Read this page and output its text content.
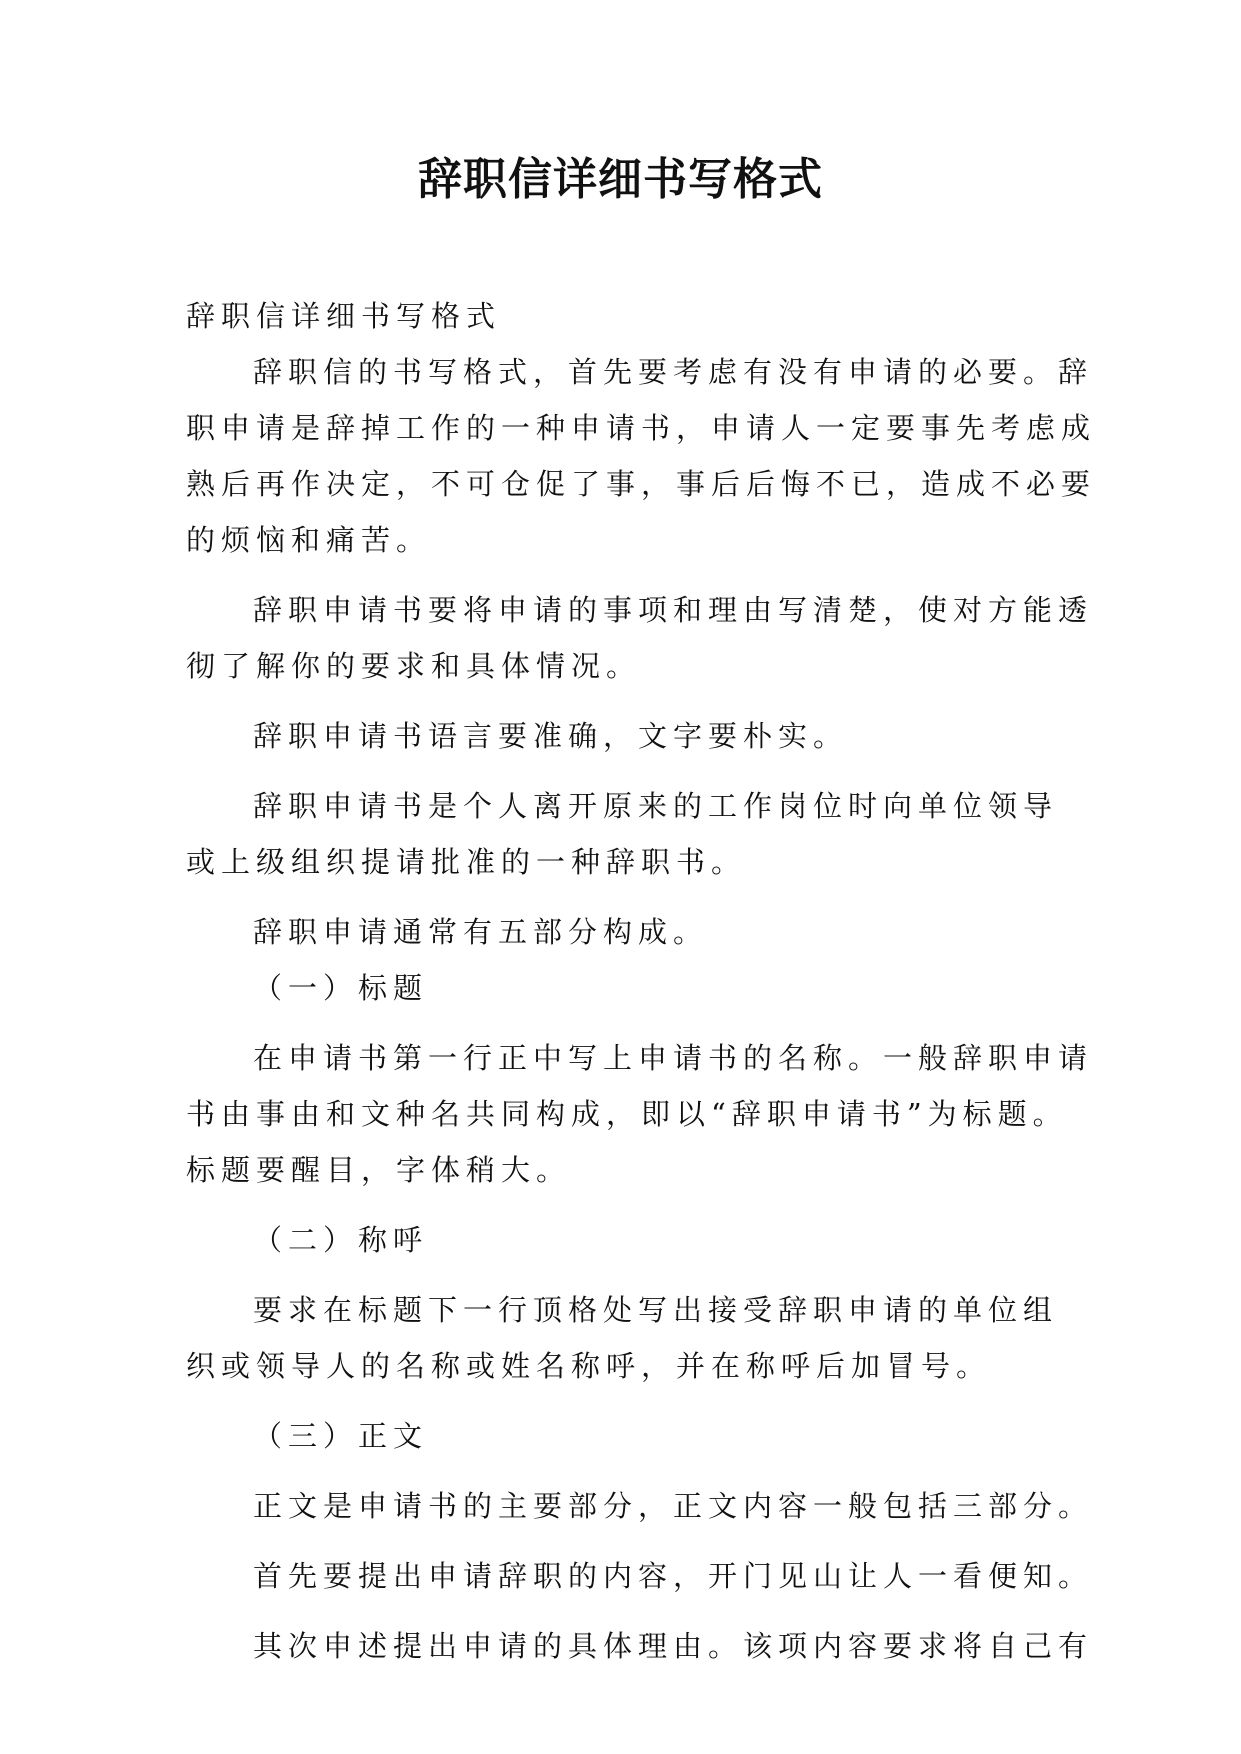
辞职信详细书写格式

辞职信详细书写格式

辞职信的书写格式，首先要考虑有没有申请的必要。辞

职申请是辞掉工作的一种申请书，申请人一定要事先考虑成

熟后再作决定，不可仓促了事，事后后悔不已，造成不必要

的烦恼和痛苦。

辞职申请书要将申请的事项和理由写清楚，使对方能透

彻了解你的要求和具体情况。

辞职申请书语言要准确，文字要朴实。

辞职申请书是个人离开原来的工作岗位时向单位领导

或上级组织提请批准的一种辞职书。

辞职申请通常有五部分构成。

（一）标题

在申请书第一行正中写上申请书的名称。一般辞职申请

书由事由和文种名共同构成，即以“辞职申请书”为标题。

标题要醒目，字体稍大。

（二）称呼

要求在标题下一行顶格处写出接受辞职申请的单位组

织或领导人的名称或姓名称呼，并在称呼后加冒号。

（三）正文

正文是申请书的主要部分，正文内容一般包括三部分。

首先要提出申请辞职的内容，开门见山让人一看便知。

其次申述提出申请的具体理由。该项内容要求将自己有
